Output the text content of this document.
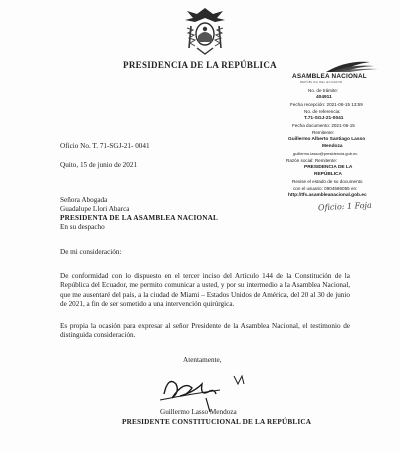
PRESIDENCIA DE LA REPÚBLICA
ASAMBLEA NACIONAL
REPÚBLICA DEL ECUADOR
No. de trámite:
404911
Fecha recepción: 2021-06-15 13:59
No. de referencia:
T.71-SGJ-21-0041
Fecha documento: 2021-06-15
Remitente:
Guillermo Alberto Santiago Lasso
Mendoza
guillermo.lasso@presidencia.gob.ec
Razón social: Remitente:
PRESIDENCIA DE LA
REPÚBLICA
Revise el estado de su documento
con el usuario: 0904586055 en:
http://tfs.asambleanacional.gob.ec
Oficio: 1 Foja
Oficio No. T. 71-SGJ-21- 0041
Quito, 15 de junio de 2021
Señora Abogada
Guadalupe Llori Abarca
PRESIDENTA DE LA ASAMBLEA NACIONAL
En su despacho
De mi consideración:
De conformidad con lo dispuesto en el tercer inciso del Artículo 144 de la Constitución de la República del Ecuador, me permito comunicar a usted, y por su intermedio a la Asamblea Nacional, que me ausentaré del país, a la ciudad de Miami – Estados Unidos de América, del 20 al 30 de junio de 2021, a fin de ser sometido a una intervención quirúrgica.
Es propia la ocasión para expresar al señor Presidente de la Asamblea Nacional, el testimonio de distinguida consideración.
Atentamente,
Guillermo Lasso Mendoza
PRESIDENTE CONSTITUCIONAL DE LA REPÚBLICA
